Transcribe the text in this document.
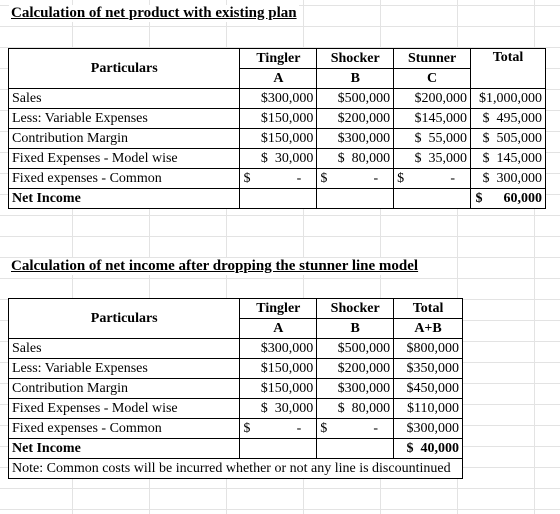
Calculation of net product with existing plan
Particulars	Tingler	Shocker	Stunner	Total
	A	B	C	
Sales	$300,000	$500,000	$200,000	$1,000,000
Less: Variable Expenses	$150,000	$200,000	$145,000	$  495,000
Contribution Margin	$150,000	$300,000	$  55,000	$  505,000
Fixed Expenses - Model wise	$  30,000	$  80,000	$  35,000	$  145,000
Fixed expenses - Common	$ -	$ -	$ -	$  300,000
Net Income				$      60,000
Calculation of net income after dropping the stunner line model
Particulars	Tingler	Shocker	Total
	A	B	A+B
Sales	$300,000	$500,000	$800,000
Less: Variable Expenses	$150,000	$200,000	$350,000
Contribution Margin	$150,000	$300,000	$450,000
Fixed Expenses - Model wise	$  30,000	$  80,000	$110,000
Fixed expenses - Common	$ -	$ -	$300,000
Net Income			$  40,000
Note: Common costs will be incurred whether or not any line is discountinued			
